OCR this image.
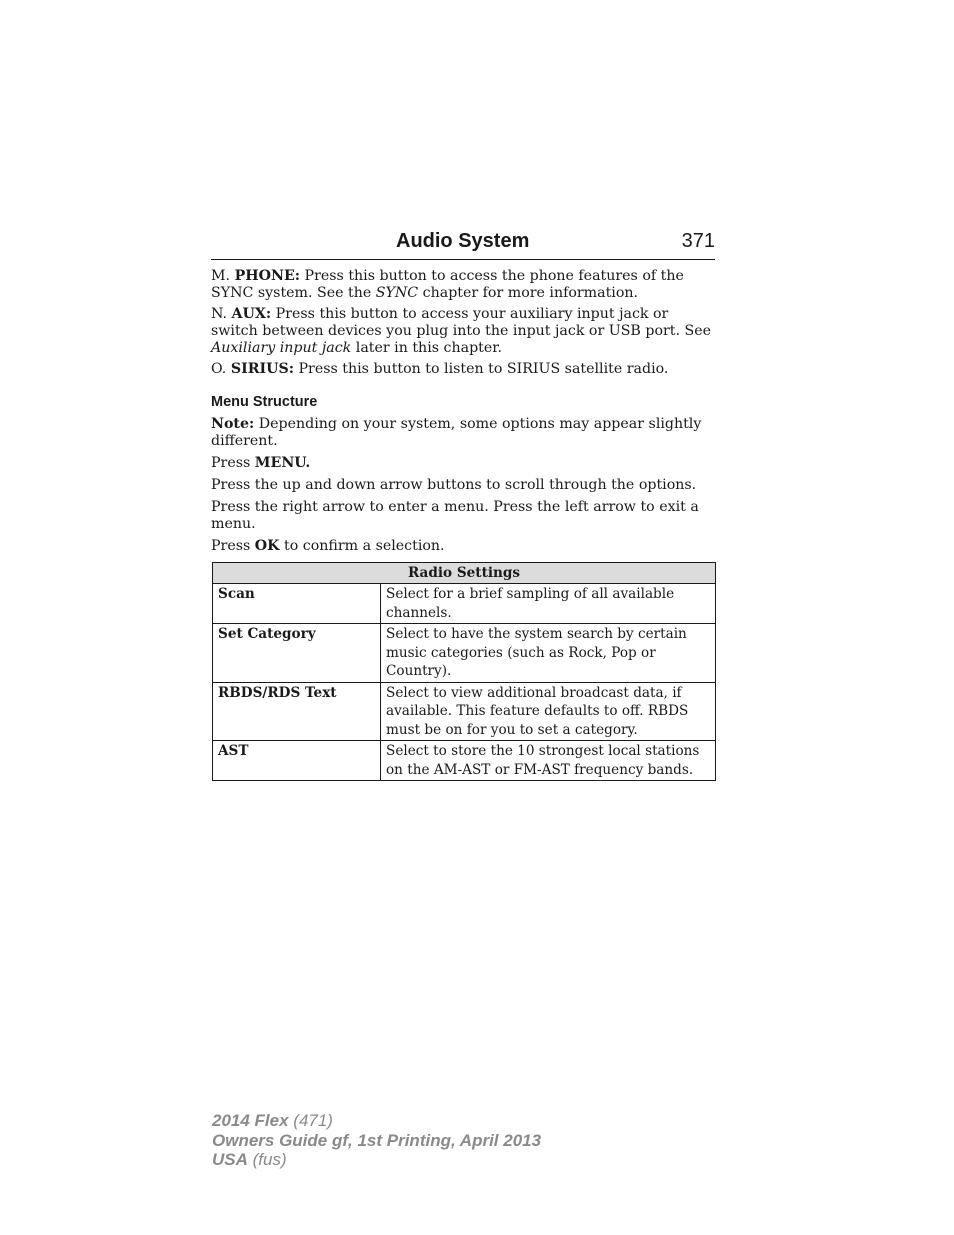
Audio System	371

M. PHONE: Press this button to access the phone features of the SYNC system. See the SYNC chapter for more information.

N. AUX: Press this button to access your auxiliary input jack or switch between devices you plug into the input jack or USB port. See Auxiliary input jack later in this chapter.

O. SIRIUS: Press this button to listen to SIRIUS satellite radio.

Menu Structure

Note: Depending on your system, some options may appear slightly different.

Press MENU.

Press the up and down arrow buttons to scroll through the options.

Press the right arrow to enter a menu. Press the left arrow to exit a menu.

Press OK to confirm a selection.

Radio Settings	
Scan	Select for a brief sampling of all available channels.
Set Category	Select to have the system search by certain music categories (such as Rock, Pop or Country).
RBDS/RDS Text	Select to view additional broadcast data, if available. This feature defaults to off. RBDS must be on for you to set a category.
AST	Select to store the 10 strongest local stations on the AM-AST or FM-AST frequency bands.
2014 Flex (471)
Owners Guide gf, 1st Printing, April 2013
USA (fus)
